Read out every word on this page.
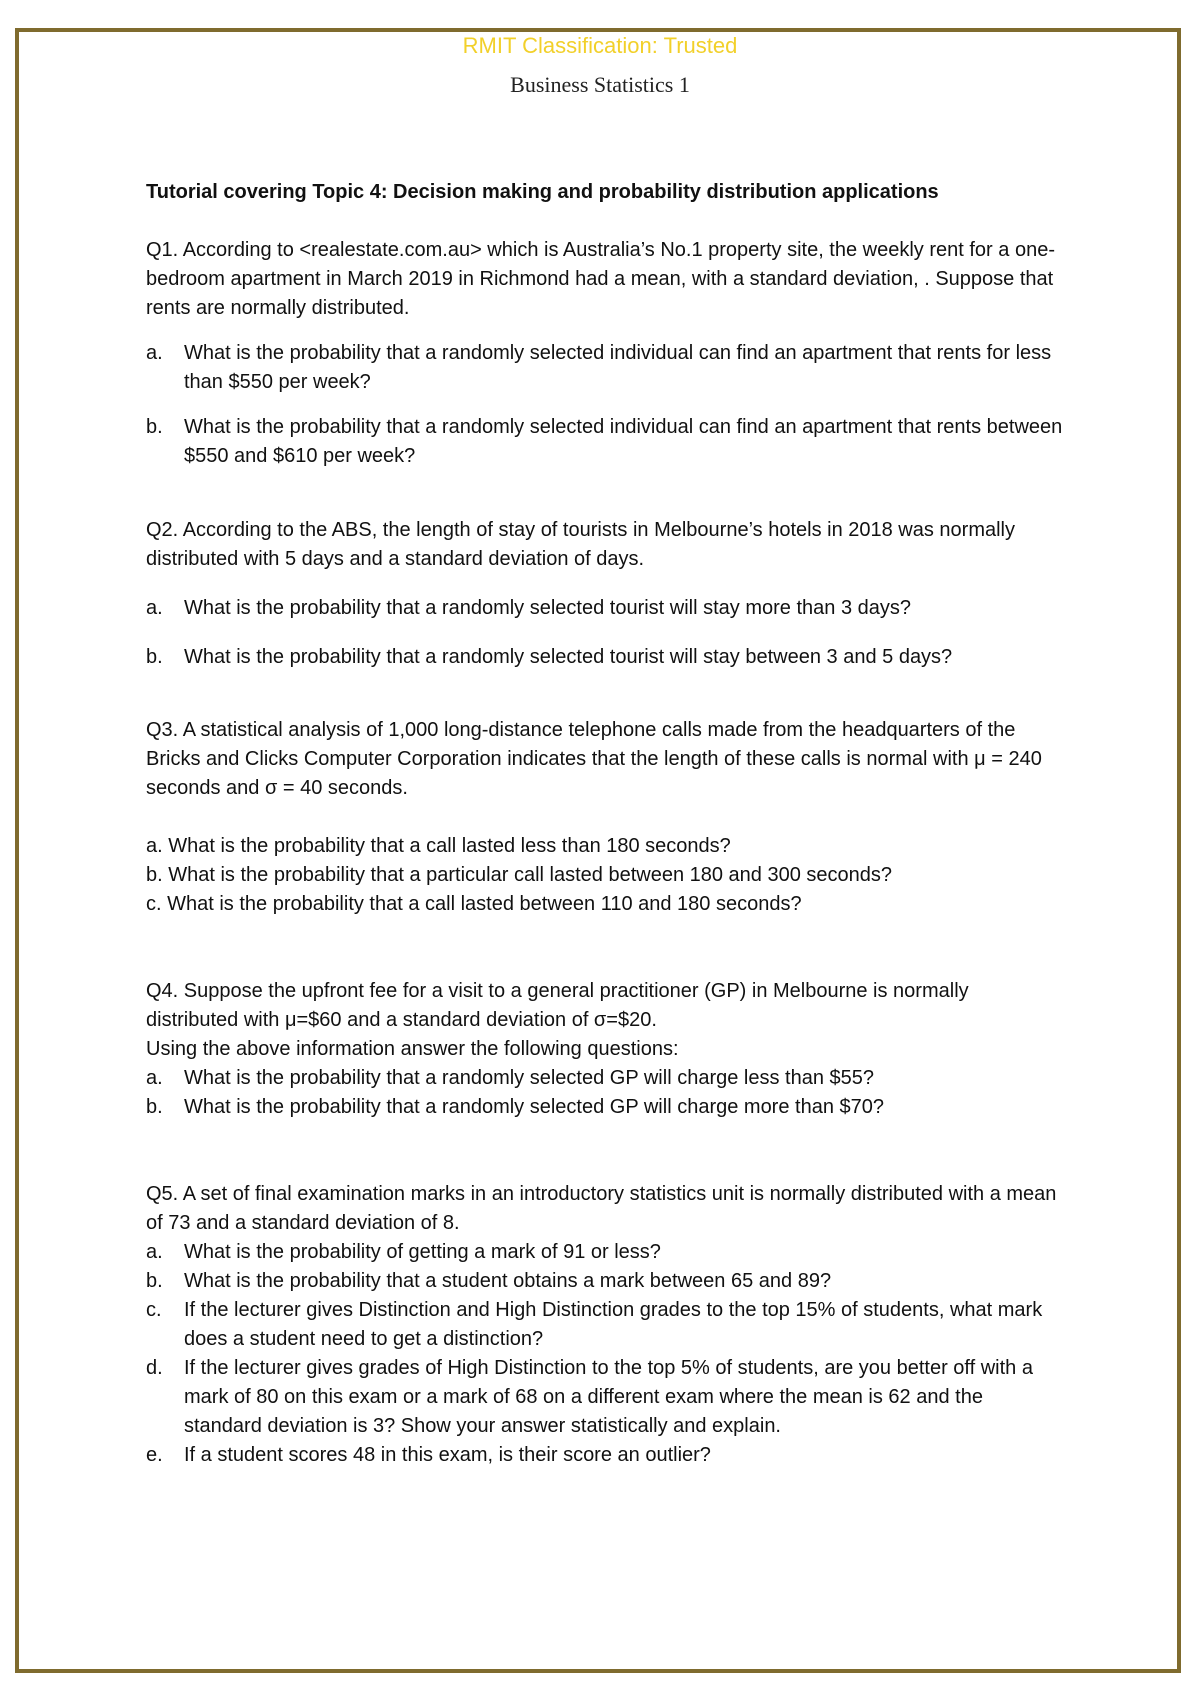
RMIT Classification: Trusted
Business Statistics 1

Tutorial covering Topic 4: Decision making and probability distribution applications

Q1. According to <realestate.com.au> which is Australia’s No.1 property site, the weekly rent for a one-bedroom apartment in March 2019 in Richmond had a mean, with a standard deviation, . Suppose that rents are normally distributed.

a. What is the probability that a randomly selected individual can find an apartment that rents for less than $550 per week?
b. What is the probability that a randomly selected individual can find an apartment that rents between $550 and $610 per week?

Q2. According to the ABS, the length of stay of tourists in Melbourne’s hotels in 2018 was normally distributed with 5 days and a standard deviation of days.

a. What is the probability that a randomly selected tourist will stay more than 3 days?
b. What is the probability that a randomly selected tourist will stay between 3 and 5 days?

Q3. A statistical analysis of 1,000 long-distance telephone calls made from the headquarters of the Bricks and Clicks Computer Corporation indicates that the length of these calls is normal with μ = 240 seconds and σ = 40 seconds.

a. What is the probability that a call lasted less than 180 seconds?

b. What is the probability that a particular call lasted between 180 and 300 seconds?

c. What is the probability that a call lasted between 110 and 180 seconds?

Q4. Suppose the upfront fee for a visit to a general practitioner (GP) in Melbourne is normally distributed with μ=$60 and a standard deviation of σ=$20.

Using the above information answer the following questions:

a. What is the probability that a randomly selected GP will charge less than $55?
b. What is the probability that a randomly selected GP will charge more than $70?

Q5. A set of final examination marks in an introductory statistics unit is normally distributed with a mean of 73 and a standard deviation of 8.

a. What is the probability of getting a mark of 91 or less?
b. What is the probability that a student obtains a mark between 65 and 89?
c. If the lecturer gives Distinction and High Distinction grades to the top 15% of students, what mark does a student need to get a distinction?
d. If the lecturer gives grades of High Distinction to the top 5% of students, are you better off with a mark of 80 on this exam or a mark of 68 on a different exam where the mean is 62 and the standard deviation is 3? Show your answer statistically and explain.
e. If a student scores 48 in this exam, is their score an outlier?
